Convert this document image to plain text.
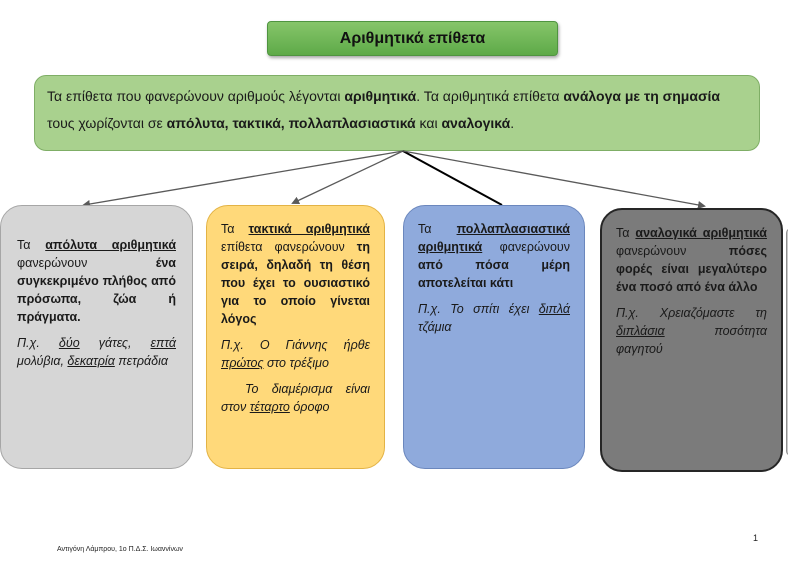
Αριθμητικά επίθετα
Τα επίθετα που φανερώνουν αριθμούς λέγονται αριθμητικά. Τα αριθμητικά επίθετα ανάλογα με τη σημασία τους χωρίζονται σε απόλυτα, τακτικά, πολλαπλασιαστικά και αναλογικά.

Τα απόλυτα αριθμητικά φανερώνουν ένα συγκεκριμένο πλήθος από πρόσωπα, ζώα ή πράγματα.

Π.χ. δύο γάτες, επτά μολύβια, δεκατρία πετράδια

Τα τακτικά αριθμητικά επίθετα φανερώνουν τη σειρά, δηλαδή τη θέση που έχει το ουσιαστικό για το οποίο γίνεται λόγος

Π.χ. Ο Γιάννης ήρθε πρώτος στο τρέξιμο

Το διαμέρισμα είναι στον τέταρτο όροφο

Τα πολλαπλασιαστικά αριθμητικά φανερώνουν από πόσα μέρη αποτελείται κάτι

Π.χ. Το σπίτι έχει διπλά τζάμια

Τα αναλογικά αριθμητικά φανερώνουν πόσες φορές είναι μεγαλύτερο ένα ποσό από ένα άλλο

Π.χ. Χρειαζόμαστε τη διπλάσια ποσότητα φαγητού

Αντιγόνη Λάμπρου, 1ο Π.Δ.Σ. Ιωαννίνων
1
